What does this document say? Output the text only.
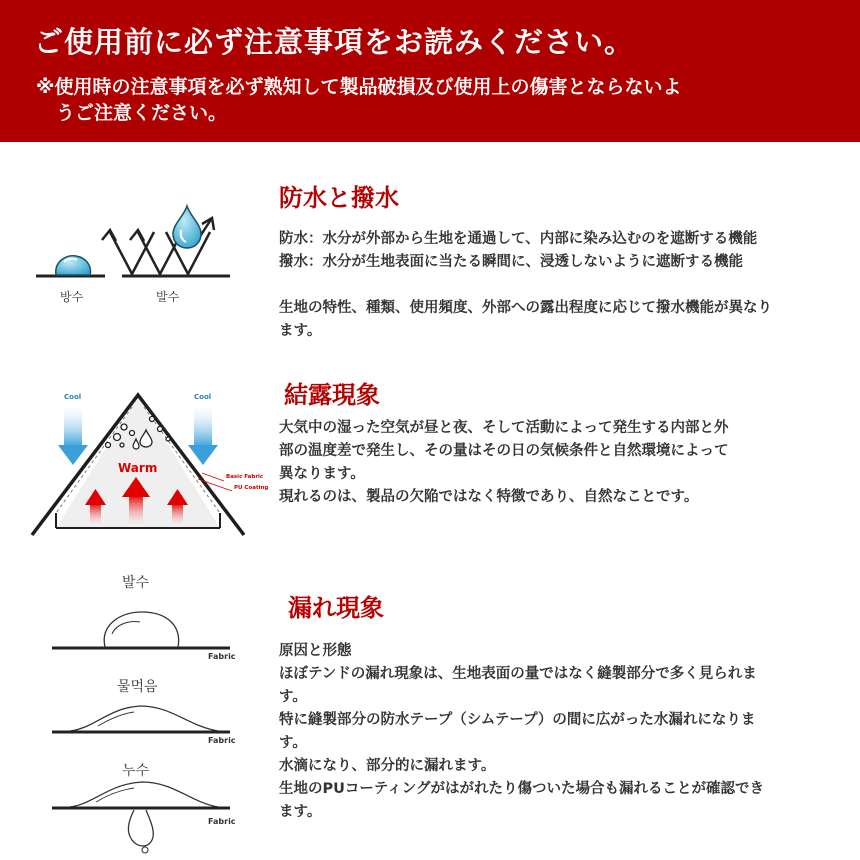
ご使用前に必ず注意事項をお読みください。
※使用時の注意事項を必ず熟知して製品破損及び使用上の傷害とならないよ
うご注意ください。
방수	발수
防水と撥水

防水：水分が外部から生地を通過して、内部に染み込むのを遮断する機能

撥水：水分が生地表面に当たる瞬間に、浸透しないように遮断する機能

生地の特性、種類、使用頻度、外部への露出程度に応じて撥水機能が異なり

ます。

Cool	Cool
Warm
Basic Fabric
PU Coating
結露現象

大気中の湿った空気が昼と夜、そして活動によって発生する内部と外

部の温度差で発生し、その量はその日の気候条件と自然環境によって

異なります。

現れるのは、製品の欠陥ではなく特徴であり、自然なことです。

발수
Fabric
물먹음
Fabric
누수
Fabric
漏れ現象

原因と形態

ほぼテンドの漏れ現象は、生地表面の量ではなく縫製部分で多く見られま

す。

特に縫製部分の防水テープ（シムテープ）の間に広がった水漏れになりま

す。

水滴になり、部分的に漏れます。

生地のPUコーティングがはがれたり傷ついた場合も漏れることが確認でき

ます。
